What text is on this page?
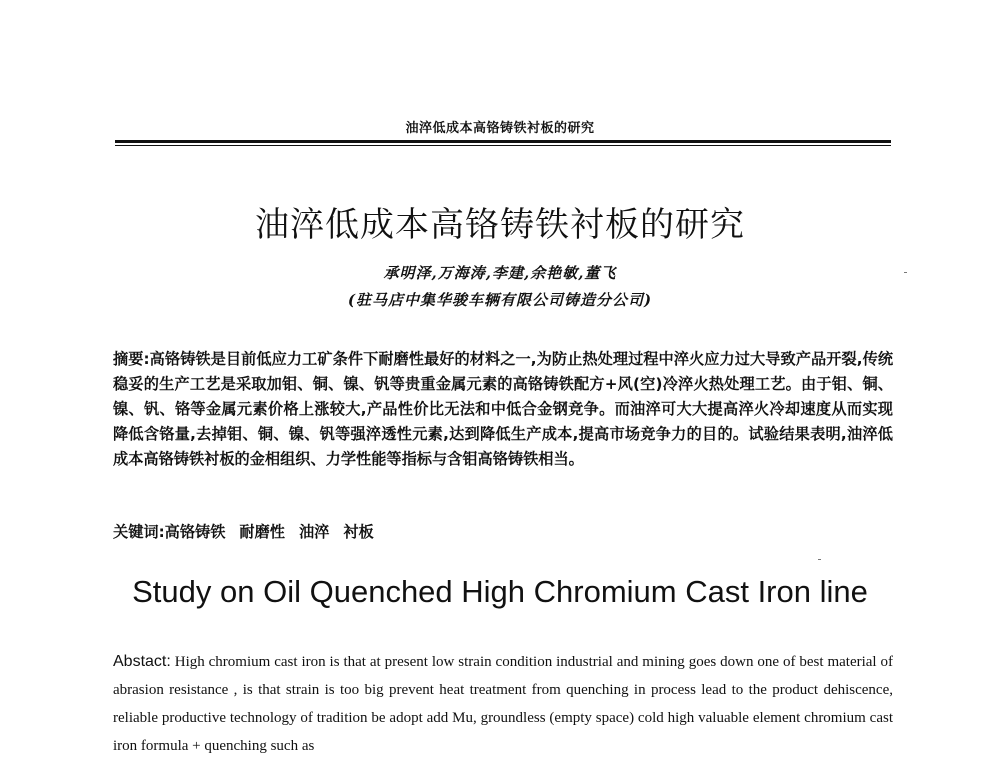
油淬低成本高铬铸铁衬板的研究
油淬低成本高铬铸铁衬板的研究
承明泽,万海涛,李建,余艳敏,董飞
(驻马店中集华骏车辆有限公司铸造分公司)
摘要:高铬铸铁是目前低应力工矿条件下耐磨性最好的材料之一,为防止热处理过程中淬火应力过大导致产品开裂,传统稳妥的生产工艺是采取加钼、铜、镍、钒等贵重金属元素的高铬铸铁配方+风(空)冷淬火热处理工艺。由于钼、铜、镍、钒、铬等金属元素价格上涨较大,产品性价比无法和中低合金钢竞争。而油淬可大大提高淬火冷却速度从而实现降低含铬量,去掉钼、铜、镍、钒等强淬透性元素,达到降低生产成本,提高市场竞争力的目的。试验结果表明,油淬低成本高铬铸铁衬板的金相组织、力学性能等指标与含钼高铬铸铁相当。
关键词:高铬铸铁 耐磨性 油淬 衬板
Study on Oil Quenched High Chromium Cast Iron line
Abstact: High chromium cast iron is that at present low strain condition industrial and mining goes down one of best material of abrasion resistance , is that strain is too big prevent heat treatment from quenching in process lead to the product dehiscence, reliable productive technology of tradition be adopt add Mu, groundless (empty space) cold high valuable element chromium cast iron formula + quenching such as
